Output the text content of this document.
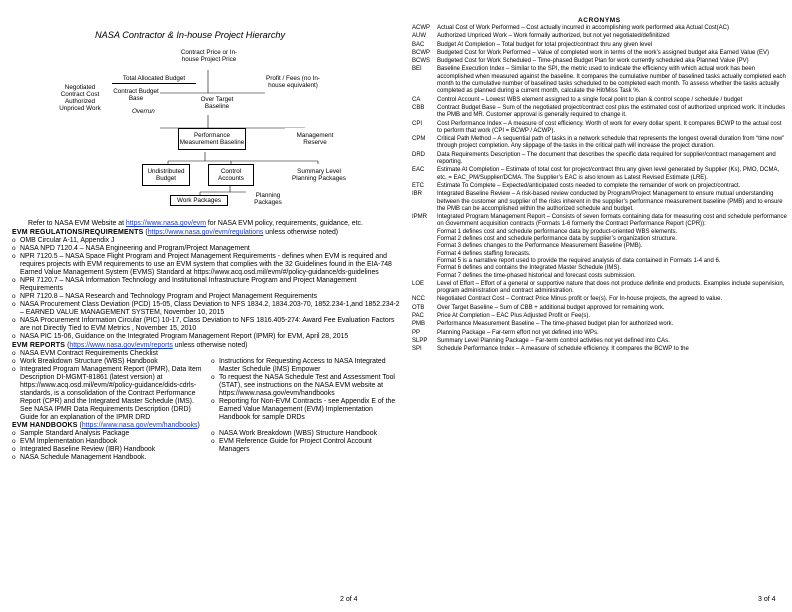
NASA Contractor & In-house Project Hierarchy
Contract Price or In-house Project Price
Profit / Fees (no In-house equivalent)
Negotiated Contract Cost Authorized Unpriced Work
Total Allocated Budget
Contract Budget Base	Over Target Baseline
Overrun
Performance Measurement Baseline
Management Reserve
Undistributed Budget
Control Accounts
Summary Level Planning Packages
Work Packages
Planning Packages
Refer to NASA EVM Website at https://www.nasa.gov/evm for NASA EVM policy, requirements, guidance, etc.
EVM REGULATIONS/REQUIREMENTS (https://www.nasa.gov/evm/regulations unless otherwise noted)
o OMB Circular A-11, Appendix J
o NASA NPD 7120.4 – NASA Engineering and Program/Project Management
o NPR 7120.5 – NASA Space Flight Program and Project Management Requirements - defines when EVM is required and requires projects with EVM requirements to use an EVM system that complies with the 32 Guidelines found in the EIA-748 Earned Value Management System (EVMS) Standard at https://www.acq.osd.mil/evm/#/policy-guidance/ds-guidelines
o NPR 7120.7 – NASA Information Technology and Institutional Infrastructure Program and Project Management Requirements
o NPR 7120.8 – NASA Research and Technology Program and Project Management Requirements
o NASA Procurement Class Deviation (PCD) 15-05, Class Deviation to NFS 1834.2, 1834.203-70, 1852.234-1,and 1852.234-2 – EARNED VALUE MANAGEMENT SYSTEM, November 10, 2015
o NASA Procurement Information Circular (PIC) 10-17, Class Deviation to NFS 1816.405-274: Award Fee Evaluation Factors are not Directly Tied to EVM Metrics , November 15, 2010
o NASA PIC 15-06, Guidance on the Integrated Program Management Report (IPMR) for EVM, April 28, 2015
EVM REPORTS (https://www.nasa.gov/evm/reports unless otherwise noted)
o NASA EVM Contract Requirements Checklist
o Work Breakdown Structure (WBS) Handbook
o Integrated Program Management Report (IPMR), Data Item Description DI-MGMT-81861 (latest version) at https://www.acq.osd.mil/evm/#/policy-guidance/dids-cdrls-standards, is a consolidation of the Contract Performance Report (CPR) and the Integrated Master Schedule (IMS). See NASA IPMR Data Requirements Description (DRD) Guide for an explanation of the IPMR DRD
o Instructions for Requesting Access to NASA Integrated Master Schedule (IMS) Empower
o To request the NASA Schedule Test and Assessment Tool (STAT), see instructions on the NASA EVM website at https://www.nasa.gov/evm/handbooks
o Reporting for Non-EVM Contracts - see Appendix E of the Earned Value Management (EVM) Implementation Handbook for sample DRDs
EVM HANDBOOKS (https://www.nasa.gov/evm/handbooks)
o Sample Standard Analysis Package
o EVM Implementation Handbook
o Integrated Baseline Review (IBR) Handbook
o NASA Schedule Management Handbook.
o NASA Work Breakdown (WBS) Structure Handbook
o EVM Reference Guide for Project Control Account Managers
2 of 4
ACRONYMS
ACWP	Actual Cost of Work Performed – Cost actually incurred in accomplishing work performed aka Actual Cost(AC)
AUW	Authorized Unpriced Work – Work formally authorized, but not yet negotiated/definitized
BAC	Budget At Completion – Total budget for total project/contract thru any given level
BCWP	Budgeted Cost for Work Performed – Value of completed work in terms of the work’s assigned budget aka Earned Value (EV)
BCWS	Budgeted Cost for Work Scheduled – Time-phased Budget Plan for work currently scheduled aka Planned Value (PV)
BEI	Baseline Execution Index – Similar to the SPI, the metric used to indicate the efficiency with which actual work has been accomplished when measured against the baseline. It compares the cumulative number of baselined tasks actually completed each month to the cumulative number of baselined tasks scheduled to be completed each month. To assess whether the tasks actually completed as planned during a current month, calculate the Hit/Miss Task %.
CA	Control Account – Lowest WBS element assigned to a single focal point to plan & control scope / schedule / budget
CBB	Contract Budget Base – Sum of the negotiated project/contract cost plus the estimated cost of authorized unpriced work. It includes the PMB and MR. Customer approval is generally required to change it.
CPI	Cost Performance Index – A measure of cost efficiency. Worth of work for every dollar spent. It compares BCWP to the actual cost to perform that work (CPI = BCWP / ACWP).
CPM	Critical Path Method – A sequential path of tasks in a network schedule that represents the longest overall duration from “time now” through project completion. Any slippage of the tasks in the critical path will increase the project duration.
DRD	Data Requirements Description – The document that describes the specific data required for supplier/contract management and reporting.
EAC	Estimate At Completion – Estimate of total cost for project/contract thru any given level generated by Supplier (Ks), PMO, DCMA, etc. = EAC_PM/Supplier/DCMA. The Supplier’s EAC is also known as Latest Revised Estimate (LRE).
ETC	Estimate To Complete – Expected/anticipated costs needed to complete the remainder of work on project/contract.
IBR	Integrated Baseline Review – A risk-based review conducted by Program/Project Management to ensure mutual understanding between the customer and supplier of the risks inherent in the supplier’s performance measurement baseline (PMB) and to ensure the PMB can be accomplished within the authorized schedule and budget.
IPMR	Integrated Program Management Report – Consists of seven formats containing data for measuring cost and schedule performance on Government acquisition contracts (Formats 1-6 formerly the Contract Performance Report (CPR)):
Format 1 defines cost and schedule performance data by product-oriented WBS elements.
Format 2 defines cost and schedule performance data by supplier’s organization structure.
Format 3 defines changes to the Performance Measurement Baseline (PMB).
Format 4 defines staffing forecasts.
Format 5 is a narrative report used to provide the required analysis of data contained in Formats 1-4 and 6.
Format 6 defines and contains the Integrated Master Schedule (IMS).
Format 7 defines the time-phased historical and forecast costs submission.
LOE	Level of Effort – Effort of a general or supportive nature that does not produce definite end products. Examples include supervision, program administration and contract administration.
NCC	Negotiated Contract Cost – Contract Price Minus profit or fee(s). For In-house projects, the agreed to value.
OTB	Over Target Baseline – Sum of CBB + additional budget approved for remaining work.
PAC	Price At Completion – EAC Plus Adjusted Profit or Fee(s).
PMB	Performance Measurement Baseline – The time-phased budget plan for authorized work.
PP	Planning Package – Far-term effort not yet defined into WPs.
SLPP	Summary Level Planning Package – Far-term control activities not yet defined into CAs.
SPI	Schedule Performance Index – A measure of schedule efficiency. It compares the BCWP to the
3 of 4
